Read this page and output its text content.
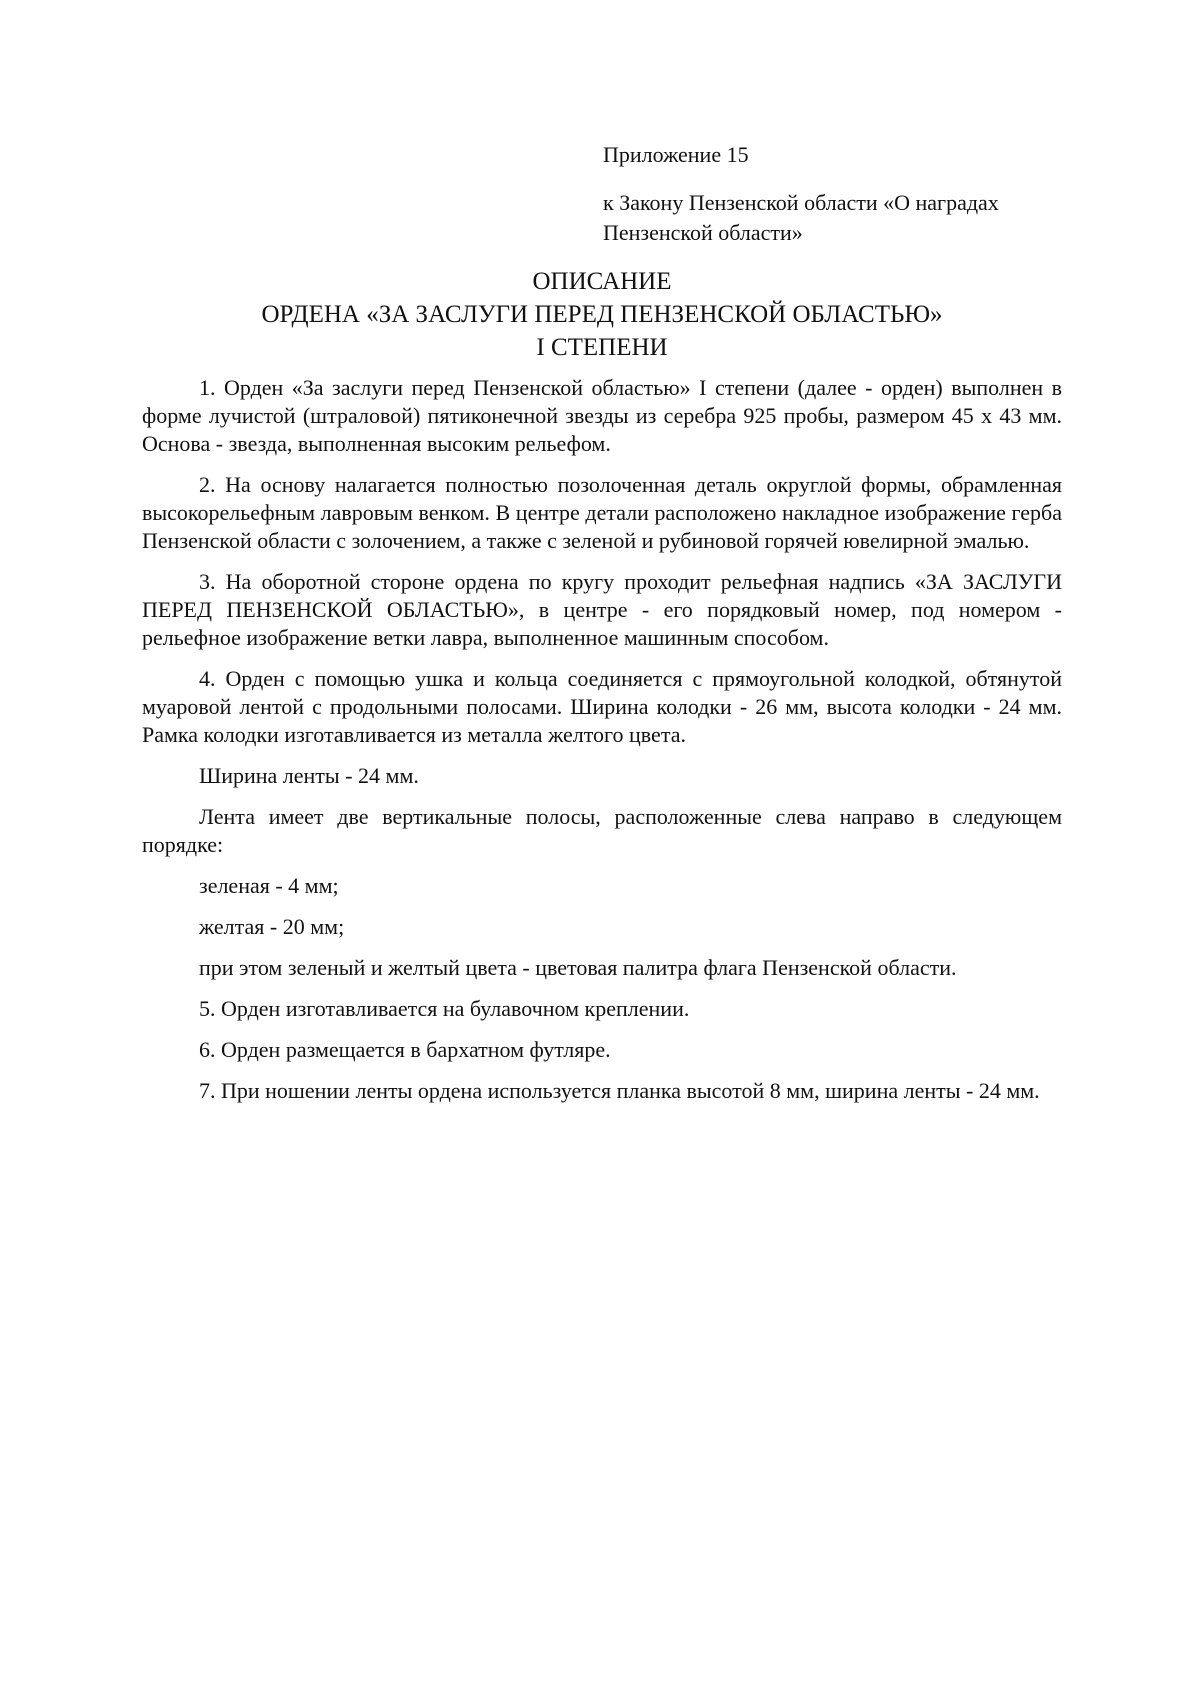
Приложение 15
к Закону Пензенской области «О наградах
Пензенской области»
ОПИСАНИЕ
ОРДЕНА «ЗА ЗАСЛУГИ ПЕРЕД ПЕНЗЕНСКОЙ ОБЛАСТЬЮ»
I СТЕПЕНИ

1. Орден «За заслуги перед Пензенской областью» I степени (далее - орден) выполнен в форме лучистой (штраловой) пятиконечной звезды из серебра 925 пробы, размером 45 х 43 мм. Основа - звезда, выполненная высоким рельефом.

2. На основу налагается полностью позолоченная деталь округлой формы, обрамленная высокорельефным лавровым венком. В центре детали расположено накладное изображение герба Пензенской области с золочением, а также с зеленой и рубиновой горячей ювелирной эмалью.

3. На оборотной стороне ордена по кругу проходит рельефная надпись «ЗА ЗАСЛУГИ ПЕРЕД ПЕНЗЕНСКОЙ ОБЛАСТЬЮ», в центре - его порядковый номер, под номером - рельефное изображение ветки лавра, выполненное машинным способом.

4. Орден с помощью ушка и кольца соединяется с прямоугольной колодкой, обтянутой муаровой лентой с продольными полосами. Ширина колодки - 26 мм, высота колодки - 24 мм. Рамка колодки изготавливается из металла желтого цвета.

Ширина ленты - 24 мм.

Лента имеет две вертикальные полосы, расположенные слева направо в следующем порядке:

зеленая - 4 мм;

желтая - 20 мм;

при этом зеленый и желтый цвета - цветовая палитра флага Пензенской области.

5. Орден изготавливается на булавочном креплении.

6. Орден размещается в бархатном футляре.

7. При ношении ленты ордена используется планка высотой 8 мм, ширина ленты - 24 мм.
